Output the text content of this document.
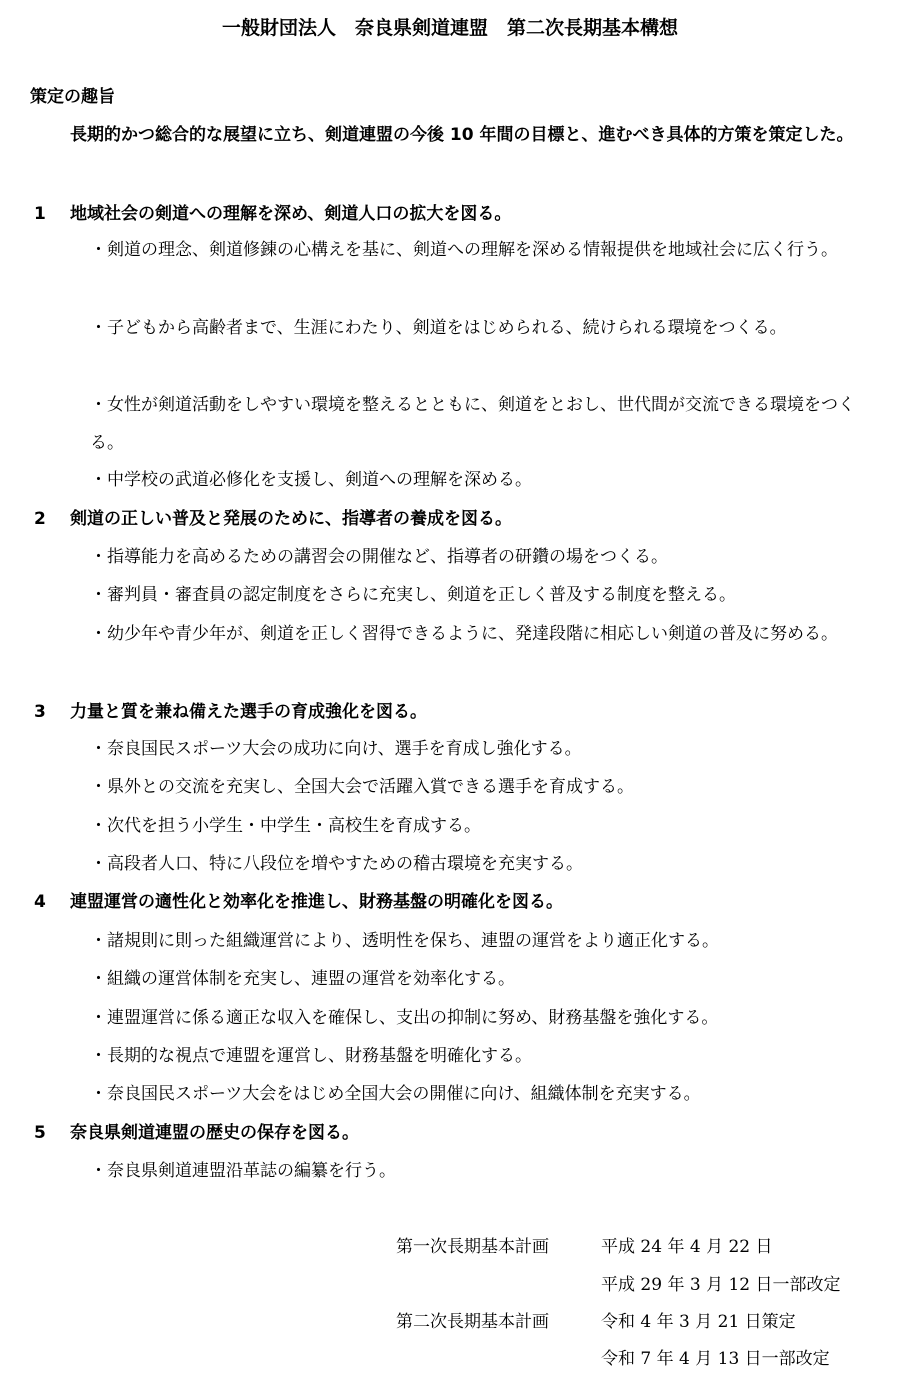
一般財団法人　奈良県剣道連盟　第二次長期基本構想
策定の趣旨
長期的かつ総合的な展望に立ち、剣道連盟の今後 10 年間の目標と、進むべき具体的方策を策定した。
1 地域社会の剣道への理解を深め、剣道人口の拡大を図る。
・剣道の理念、剣道修錬の心構えを基に、剣道への理解を深める情報提供を地域社会に広く行う。
・子どもから高齢者まで、生涯にわたり、剣道をはじめられる、続けられる環境をつくる。
・女性が剣道活動をしやすい環境を整えるとともに、剣道をとおし、世代間が交流できる環境をつくる。
・中学校の武道必修化を支援し、剣道への理解を深める。
2 剣道の正しい普及と発展のために、指導者の養成を図る。
・指導能力を高めるための講習会の開催など、指導者の研鑽の場をつくる。
・審判員・審査員の認定制度をさらに充実し、剣道を正しく普及する制度を整える。
・幼少年や青少年が、剣道を正しく習得できるように、発達段階に相応しい剣道の普及に努める。
3 力量と質を兼ね備えた選手の育成強化を図る。
・奈良国民スポーツ大会の成功に向け、選手を育成し強化する。
・県外との交流を充実し、全国大会で活躍入賞できる選手を育成する。
・次代を担う小学生・中学生・高校生を育成する。
・高段者人口、特に八段位を増やすための稽古環境を充実する。
4 連盟運営の適性化と効率化を推進し、財務基盤の明確化を図る。
・諸規則に則った組織運営により、透明性を保ち、連盟の運営をより適正化する。
・組織の運営体制を充実し、連盟の運営を効率化する。
・連盟運営に係る適正な収入を確保し、支出の抑制に努め、財務基盤を強化する。
・長期的な視点で連盟を運営し、財務基盤を明確化する。
・奈良国民スポーツ大会をはじめ全国大会の開催に向け、組織体制を充実する。
5 奈良県剣道連盟の歴史の保存を図る。
・奈良県剣道連盟沿革誌の編纂を行う。
第一次長期基本計画	平成 24 年 4 月 22 日
平成 29 年 3 月 12 日一部改定
第二次長期基本計画	令和 4 年 3 月 21 日策定
令和 7 年 4 月 13 日一部改定
